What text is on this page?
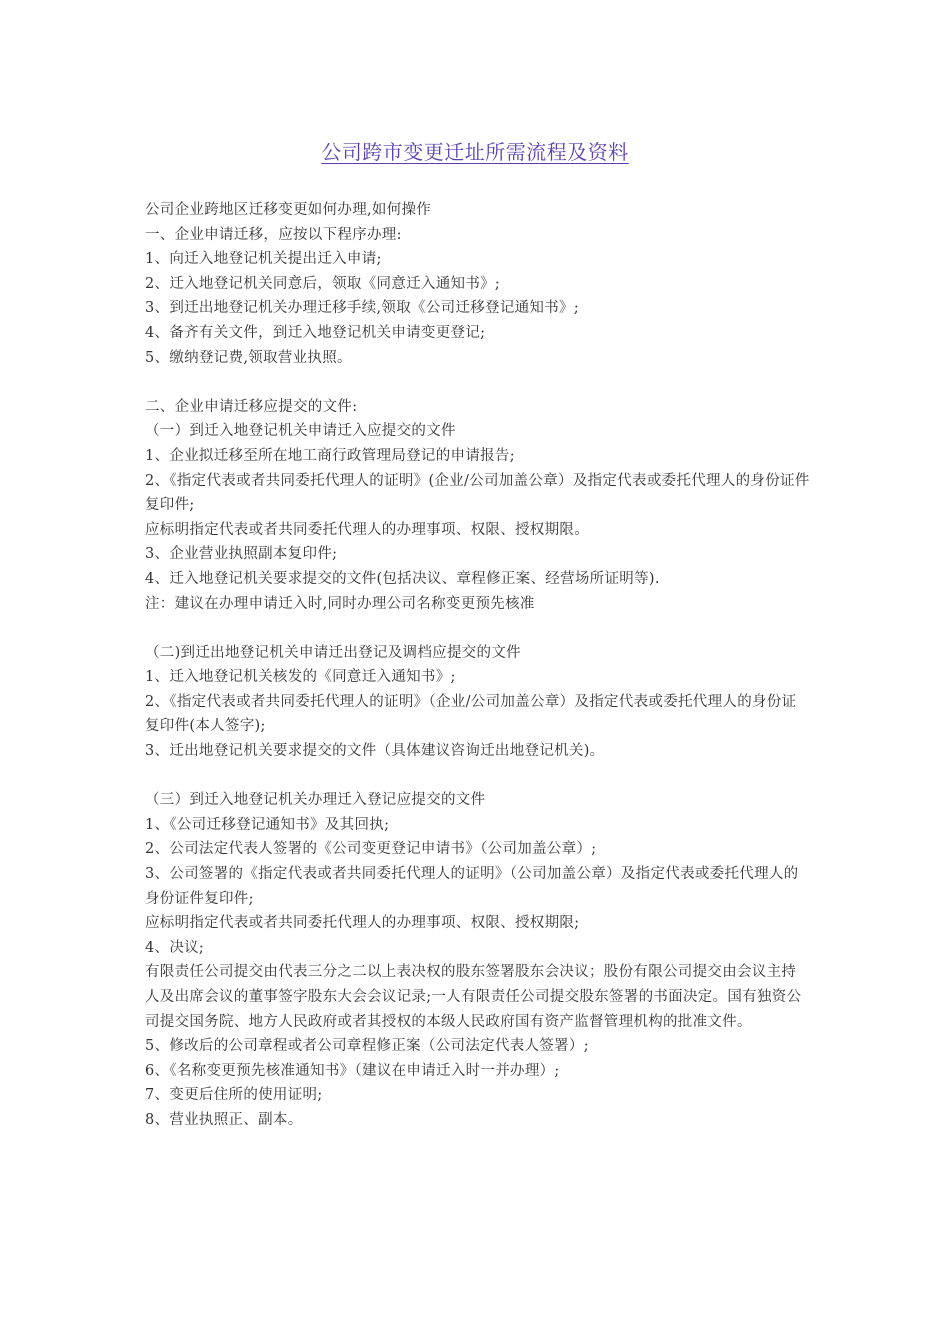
公司跨市变更迁址所需流程及资料
公司企业跨地区迁移变更如何办理,如何操作
一、企业申请迁移，应按以下程序办理:
1、向迁入地登记机关提出迁入申请;
2、迁入地登记机关同意后，领取《同意迁入通知书》;
3、到迁出地登记机关办理迁移手续,领取《公司迁移登记通知书》;
4、备齐有关文件，到迁入地登记机关申请变更登记;
5、缴纳登记费,领取营业执照。
二、企业申请迁移应提交的文件:
（一）到迁入地登记机关申请迁入应提交的文件
1、企业拟迁移至所在地工商行政管理局登记的申请报告;
2、《指定代表或者共同委托代理人的证明》(企业/公司加盖公章）及指定代表或委托代理人的身份证件复印件;
应标明指定代表或者共同委托代理人的办理事项、权限、授权期限。
3、企业营业执照副本复印件;
4、迁入地登记机关要求提交的文件(包括决议、章程修正案、经营场所证明等).
注：建议在办理申请迁入时,同时办理公司名称变更预先核准
（二)到迁出地登记机关申请迁出登记及调档应提交的文件
1、迁入地登记机关核发的《同意迁入通知书》;
2、《指定代表或者共同委托代理人的证明》（企业/公司加盖公章）及指定代表或委托代理人的身份证复印件(本人签字);
3、迁出地登记机关要求提交的文件（具体建议咨询迁出地登记机关)。
（三）到迁入地登记机关办理迁入登记应提交的文件
1、《公司迁移登记通知书》及其回执;
2、公司法定代表人签署的《公司变更登记申请书》（公司加盖公章）;
3、公司签署的《指定代表或者共同委托代理人的证明》（公司加盖公章）及指定代表或委托代理人的身份证件复印件;
应标明指定代表或者共同委托代理人的办理事项、权限、授权期限;
4、决议;
有限责任公司提交由代表三分之二以上表决权的股东签署股东会决议；股份有限公司提交由会议主持人及出席会议的董事签字股东大会会议记录;一人有限责任公司提交股东签署的书面决定。国有独资公司提交国务院、地方人民政府或者其授权的本级人民政府国有资产监督管理机构的批准文件。
5、修改后的公司章程或者公司章程修正案（公司法定代表人签署）;
6、《名称变更预先核准通知书》（建议在申请迁入时一并办理）;
7、变更后住所的使用证明;
8、营业执照正、副本。
